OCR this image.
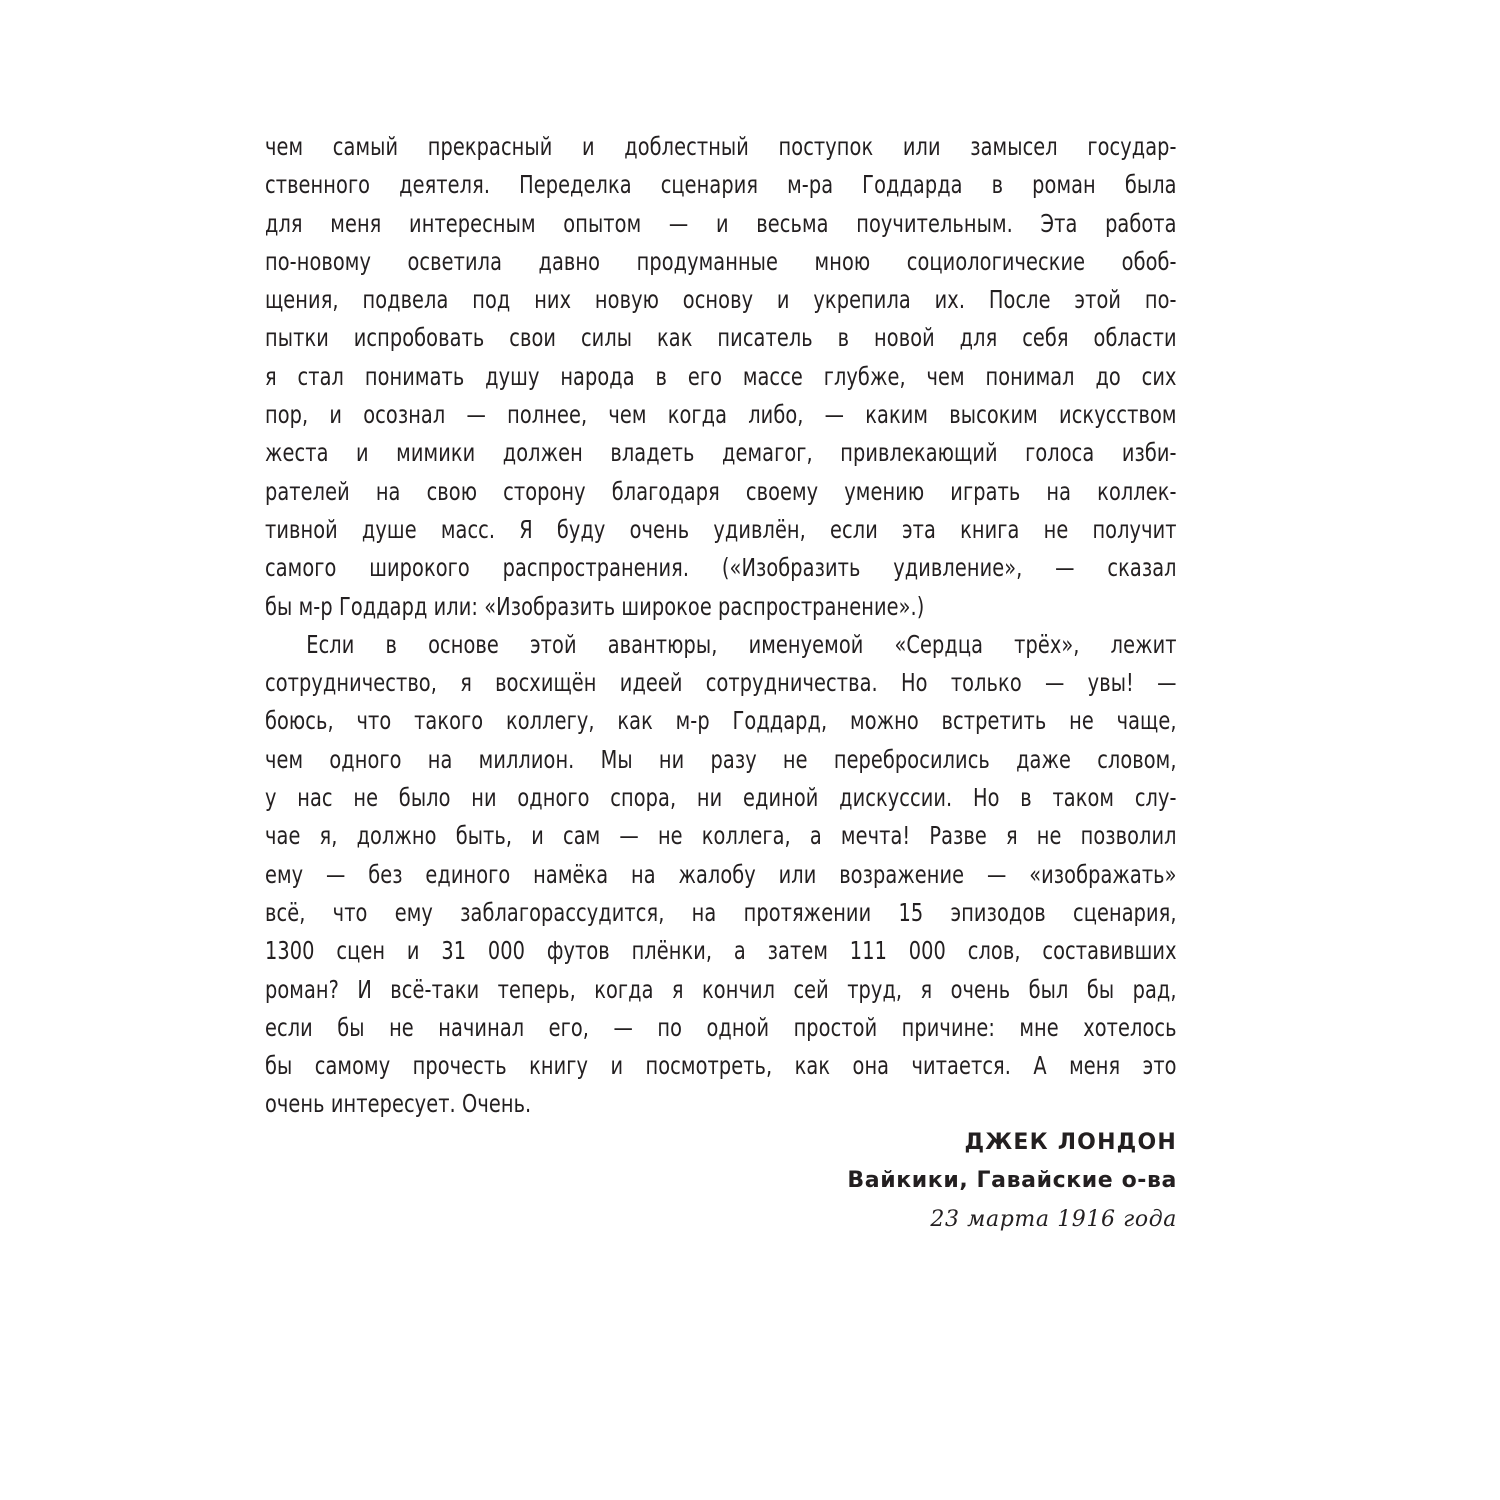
чем самый прекрасный и доблестный поступок или замысел государ-
ственного деятеля. Переделка сценария м-ра Годдарда в роман была
для меня интересным опытом — и весьма поучительным. Эта работа
по-новому осветила давно продуманные мною социологические обоб-
щения, подвела под них новую основу и укрепила их. После этой по-
пытки испробовать свои силы как писатель в новой для себя области
я стал понимать душу народа в его массе глубже, чем понимал до сих
пор, и осознал — полнее, чем когда либо, — каким высоким искусством
жеста и мимики должен владеть демагог, привлекающий голоса изби-
рателей на свою сторону благодаря своему умению играть на коллек-
тивной душе масс. Я буду очень удивлён, если эта книга не получит
самого широкого распространения. («Изобразить удивление», — сказал
бы м-р Годдард или: «Изобразить широкое распространение».)
Если в основе этой авантюры, именуемой «Сердца трёх», лежит
сотрудничество, я восхищён идеей сотрудничества. Но только — увы! —
боюсь, что такого коллегу, как м-р Годдард, можно встретить не чаще,
чем одного на миллион. Мы ни разу не перебросились даже словом,
у нас не было ни одного спора, ни единой дискуссии. Но в таком слу-
чае я, должно быть, и сам — не коллега, а мечта! Разве я не позволил
ему — без единого намёка на жалобу или возражение — «изображать»
всё, что ему заблагорассудится, на протяжении 15 эпизодов сценария,
1300 сцен и 31 000 футов плёнки, а затем 111 000 слов, составивших
роман? И всё-таки теперь, когда я кончил сей труд, я очень был бы рад,
если бы не начинал его, — по одной простой причине: мне хотелось
бы самому прочесть книгу и посмотреть, как она читается. А меня это
очень интересует. Очень.
ДЖЕК ЛОНДОН
Вайкики, Гавайские о-ва
23 марта 1916 года
